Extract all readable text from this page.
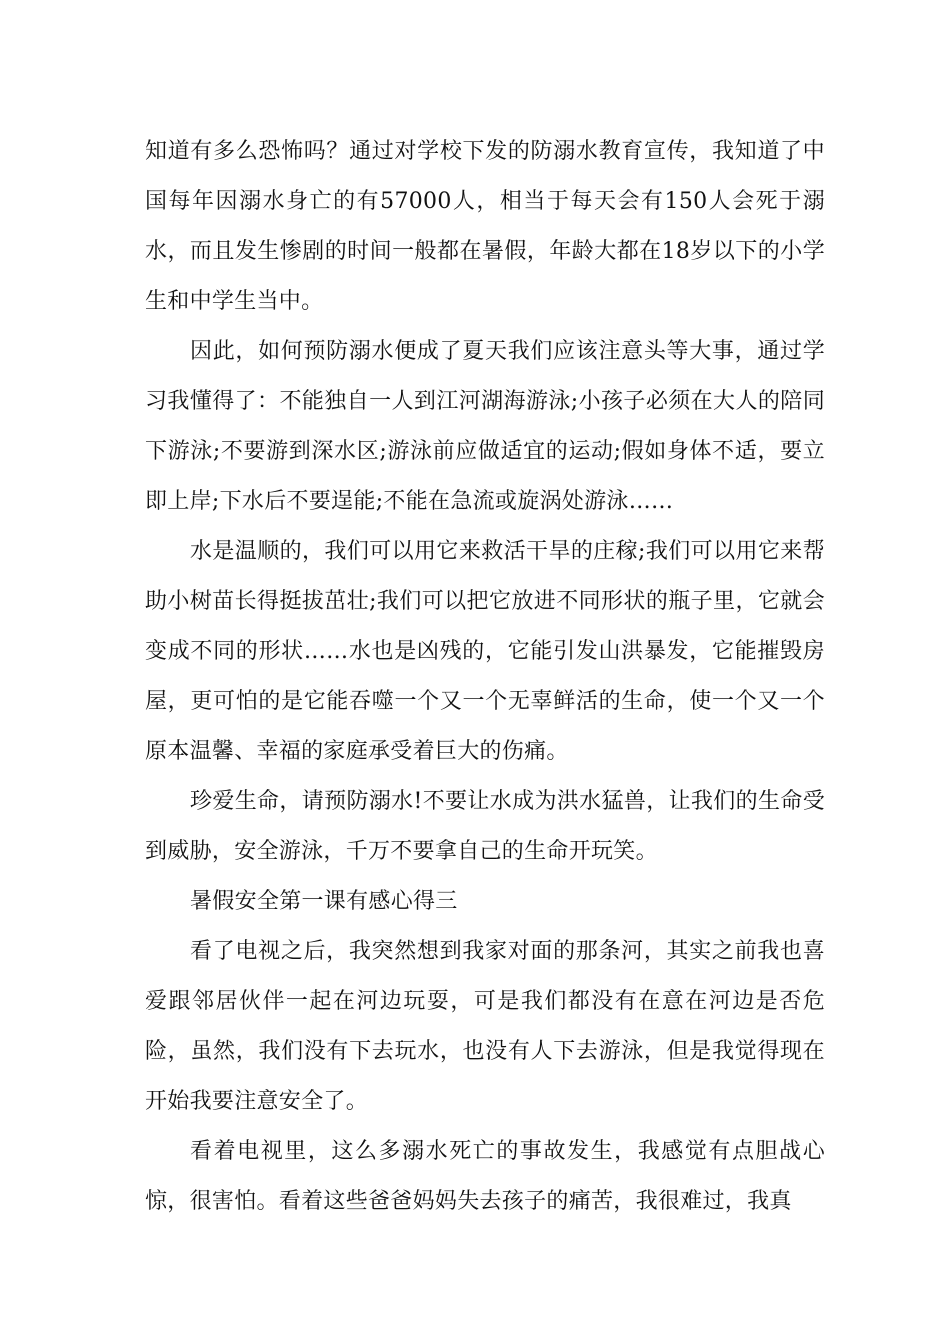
知道有多么恐怖吗？通过对学校下发的防溺水教育宣传，我知道了中国每年因溺水身亡的有57000人，相当于每天会有150人会死于溺水，而且发生惨剧的时间一般都在暑假，年龄大都在18岁以下的小学生和中学生当中。

因此，如何预防溺水便成了夏天我们应该注意头等大事，通过学习我懂得了：不能独自一人到江河湖海游泳;小孩子必须在大人的陪同下游泳;不要游到深水区;游泳前应做适宜的运动;假如身体不适，要立即上岸;下水后不要逞能;不能在急流或旋涡处游泳……

水是温顺的，我们可以用它来救活干旱的庄稼;我们可以用它来帮助小树苗长得挺拔茁壮;我们可以把它放进不同形状的瓶子里，它就会变成不同的形状……水也是凶残的，它能引发山洪暴发，它能摧毁房屋，更可怕的是它能吞噬一个又一个无辜鲜活的生命，使一个又一个原本温馨、幸福的家庭承受着巨大的伤痛。

珍爱生命，请预防溺水!不要让水成为洪水猛兽，让我们的生命受到威胁，安全游泳，千万不要拿自己的生命开玩笑。

暑假安全第一课有感心得三

看了电视之后，我突然想到我家对面的那条河，其实之前我也喜爱跟邻居伙伴一起在河边玩耍，可是我们都没有在意在河边是否危险，虽然，我们没有下去玩水，也没有人下去游泳，但是我觉得现在开始我要注意安全了。

看着电视里，这么多溺水死亡的事故发生，我感觉有点胆战心惊，很害怕。看着这些爸爸妈妈失去孩子的痛苦，我很难过，我真
